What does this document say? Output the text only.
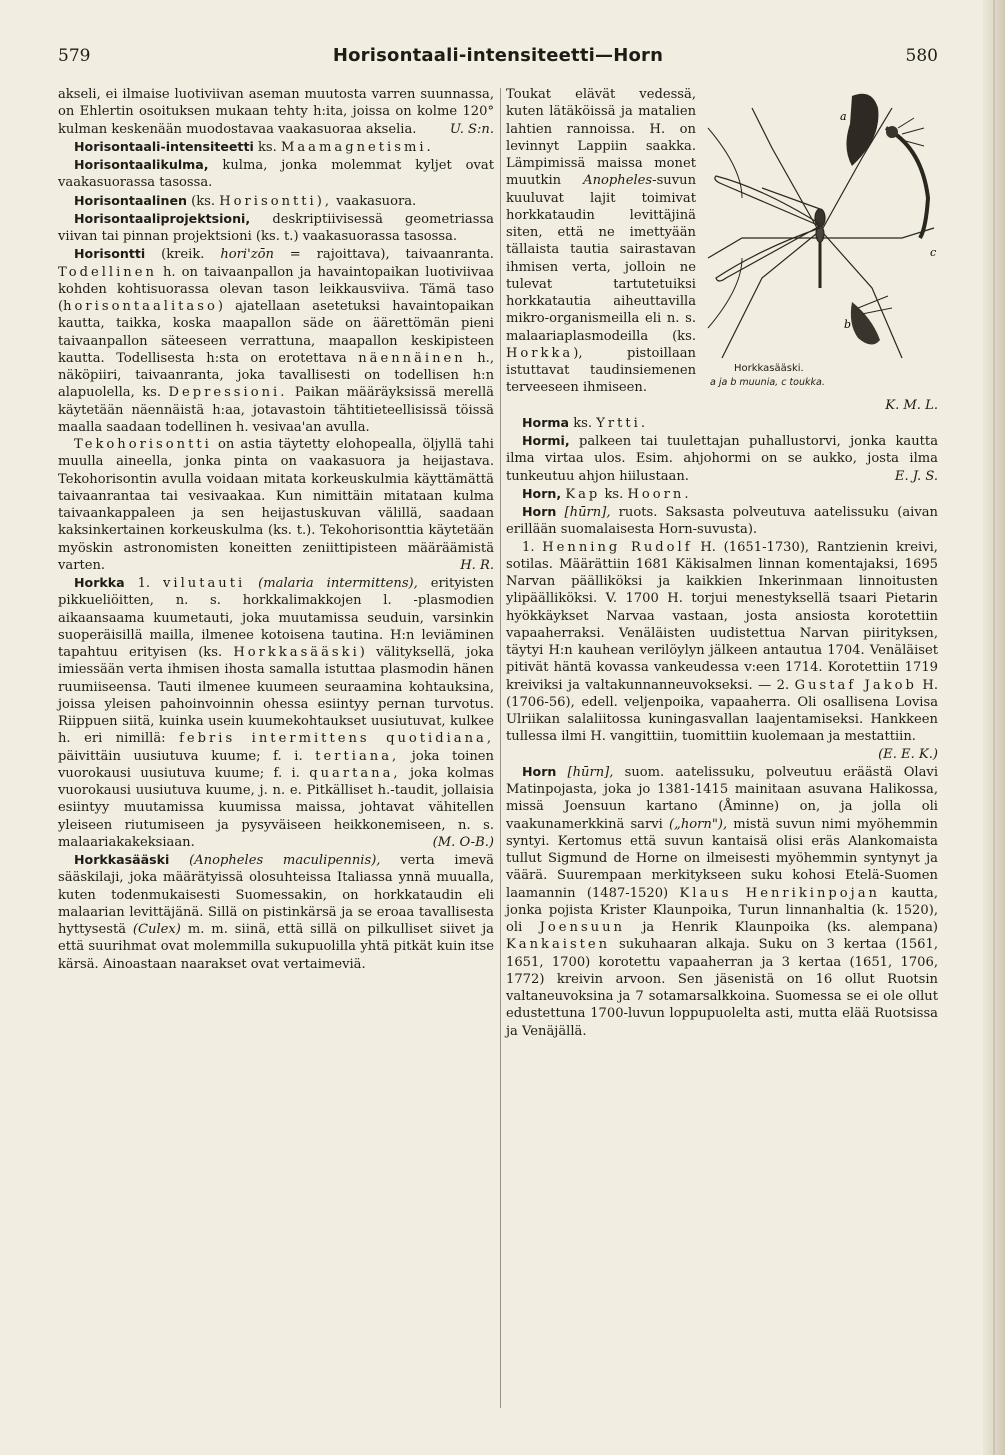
579	Horisontaali-intensiteetti—Horn	580

akseli, ei ilmaise luotiviivan aseman muutosta varren suunnassa, on Ehlertin osoituksen mukaan tehty h:ita, joissa on kolme 120° kulman keskenään muodostavaa vaakasuoraa akselia.	U. S:n.

Horisontaali-intensiteetti ks. Maamagnetismi.

Horisontaalikulma, kulma, jonka molemmat kyljet ovat vaakasuorassa tasossa.

Horisontaalinen (ks. Horisontti), vaakasuora.

Horisontaaliprojektsioni, deskriptiivisessä geometriassa viivan tai pinnan projektsioni (ks. t.) vaakasuorassa tasossa.

Horisontti (kreik. hori'zōn = rajoittava), taivaanranta. Todellinen h. on taivaanpallon ja havaintopaikan luotiviivaa kohden kohtisuorassa olevan tason leikkausviiva. Tämä taso (horisontaalitaso) ajatellaan asetetuksi havaintopaikan kautta, taikka, koska maapallon säde on äärettömän pieni taivaanpallon säteeseen verrattuna, maapallon keskipisteen kautta. Todellisesta h:sta on erotettava näennäinen h., näköpiiri, taivaanranta, joka tavallisesti on todellisen h:n alapuolella, ks. Depressioni. Paikan määräyksissä merellä käytetään näennäistä h:aa, jotavastoin tähtitieteellisissä töissä maalla saadaan todellinen h. vesivaa'an avulla.

Tekohorisontti on astia täytetty elohopealla, öljyllä tahi muulla aineella, jonka pinta on vaakasuora ja heijastava. Tekohorisontin avulla voidaan mitata korkeuskulmia käyttämättä taivaanrantaa tai vesivaakaa. Kun nimittäin mitataan kulma taivaankappaleen ja sen heijastuskuvan välillä, saadaan kaksinkertainen korkeuskulma (ks. t.). Tekohorisonttia käytetään myöskin astronomisten koneitten zeniittipisteen määräämistä varten.	H. R.

Horkka 1. vilutauti (malaria intermittens), erityisten pikkueliöitten, n. s. horkkalimakkojen l. -plasmodien aikaansaama kuumetauti, joka muutamissa seuduin, varsinkin suoperäisillä mailla, ilmenee kotoisena tautina. H:n leviäminen tapahtuu erityisen (ks. Horkkasääski) välityksellä, joka imiessään verta ihmisen ihosta samalla istuttaa plasmodin hänen ruumiiseensa. Tauti ilmenee kuumeen seuraamina kohtauksina, joissa yleisen pahoinvoinnin ohessa esiintyy pernan turvotus. Riippuen siitä, kuinka usein kuumekohtaukset uusiutuvat, kulkee h. eri nimillä: febris intermittens quotidiana, päivittäin uusiutuva kuume; f. i. tertiana, joka toinen vuorokausi uusiutuva kuume; f. i. quartana, joka kolmas vuorokausi uusiutuva kuume, j. n. e. Pitkälliset h.-taudit, jollaisia esiintyy muutamissa kuumissa maissa, johtavat vähitellen yleiseen riutumiseen ja pysyväiseen heikkonemiseen, n. s. malaariakakeksiaan.	(M. O-B.)

Horkkasääski (Anopheles maculipennis), verta imevä sääskilaji, joka määrätyissä olosuhteissa Italiassa ynnä muualla, kuten todenmukaisesti Suomessakin, on horkkataudin eli malaarian levittäjänä. Sillä on pistinkärsä ja se eroaa tavallisesta hyttysestä (Culex) m. m. siinä, että sillä on pilkulliset siivet ja että suurihmat ovat molemmilla sukupuolilla yhtä pitkät kuin itse kärsä. Ainoastaan naarakset ovat vertaimeviä.

a
b
c
Horkkasääski.
a ja b muunia, c toukka.

Toukat elävät vedessä, kuten lätäköissä ja matalien lahtien rannoissa. H. on levinnyt Lappiin saakka. Lämpimissä maissa monet muutkin Anopheles-suvun kuuluvat lajit toimivat horkkataudin levittäjinä siten, että ne imettyään tällaista tautia sairastavan ihmisen verta, jolloin ne tulevat tartutetuiksi horkkatautia aiheuttavilla mikro-organismeilla eli n. s. malaariaplasmodeilla (ks. Horkka), pistoillaan istuttavat taudinsiemenen terveeseen ihmiseen.
K. M. L.

Horma ks. Yrtti.

Hormi, palkeen tai tuulettajan puhallustorvi, jonka kautta ilma virtaa ulos. Esim. ahjohormi on se aukko, josta ilma tunkeutuu ahjon hiilustaan.	E. J. S.

Horn, Kap ks. Hoorn.

Horn [hūrn], ruots. Saksasta polveutuva aatelissuku (aivan erillään suomalaisesta Horn-suvusta).

1. Henning Rudolf H. (1651-1730), Rantzienin kreivi, sotilas. Määrättiin 1681 Käkisalmen linnan komentajaksi, 1695 Narvan päälliköksi ja kaikkien Inkerinmaan linnoitusten ylipäälliköksi. V. 1700 H. torjui menestyksellä tsaari Pietarin hyökkäykset Narvaa vastaan, josta ansiosta korotettiin vapaaherraksi. Venäläisten uudistettua Narvan piirityksen, täytyi H:n kauhean verilöylyn jälkeen antautua 1704. Venäläiset pitivät häntä kovassa vankeudessa v:een 1714. Korotettiin 1719 kreiviksi ja valtakunnanneuvokseksi. — 2. Gustaf Jakob H. (1706-56), edell. veljenpoika, vapaaherra. Oli osallisena Lovisa Ulriikan salaliitossa kuningasvallan laajentamiseksi. Hankkeen tullessa ilmi H. vangittiin, tuomittiin kuolemaan ja mestattiin.
(E. E. K.)

Horn [hūrn], suom. aatelissuku, polveutuu eräästä Olavi Matinpojasta, joka jo 1381-1415 mainitaan asuvana Halikossa, missä Joensuun kartano (Åminne) on, ja jolla oli vaakunamerkkinä sarvi („horn"), mistä suvun nimi myöhemmin syntyi. Kertomus että suvun kantaisä olisi eräs Alankomaista tullut Sigmund de Horne on ilmeisesti myöhemmin syntynyt ja väärä. Suurempaan merkitykseen suku kohosi Etelä-Suomen laamannin (1487-1520) Klaus Henrikinpojan kautta, jonka pojista Krister Klaunpoika, Turun linnanhaltia (k. 1520), oli Joensuun ja Henrik Klaunpoika (ks. alempana) Kankaisten sukuhaaran alkaja. Suku on 3 kertaa (1561, 1651, 1700) korotettu vapaaherran ja 3 kertaa (1651, 1706, 1772) kreivin arvoon. Sen jäsenistä on 16 ollut Ruotsin valtaneuvoksina ja 7 sotamarsalkkoina. Suomessa se ei ole ollut edustettuna 1700-luvun loppupuolelta asti, mutta elää Ruotsissa ja Venäjällä.
